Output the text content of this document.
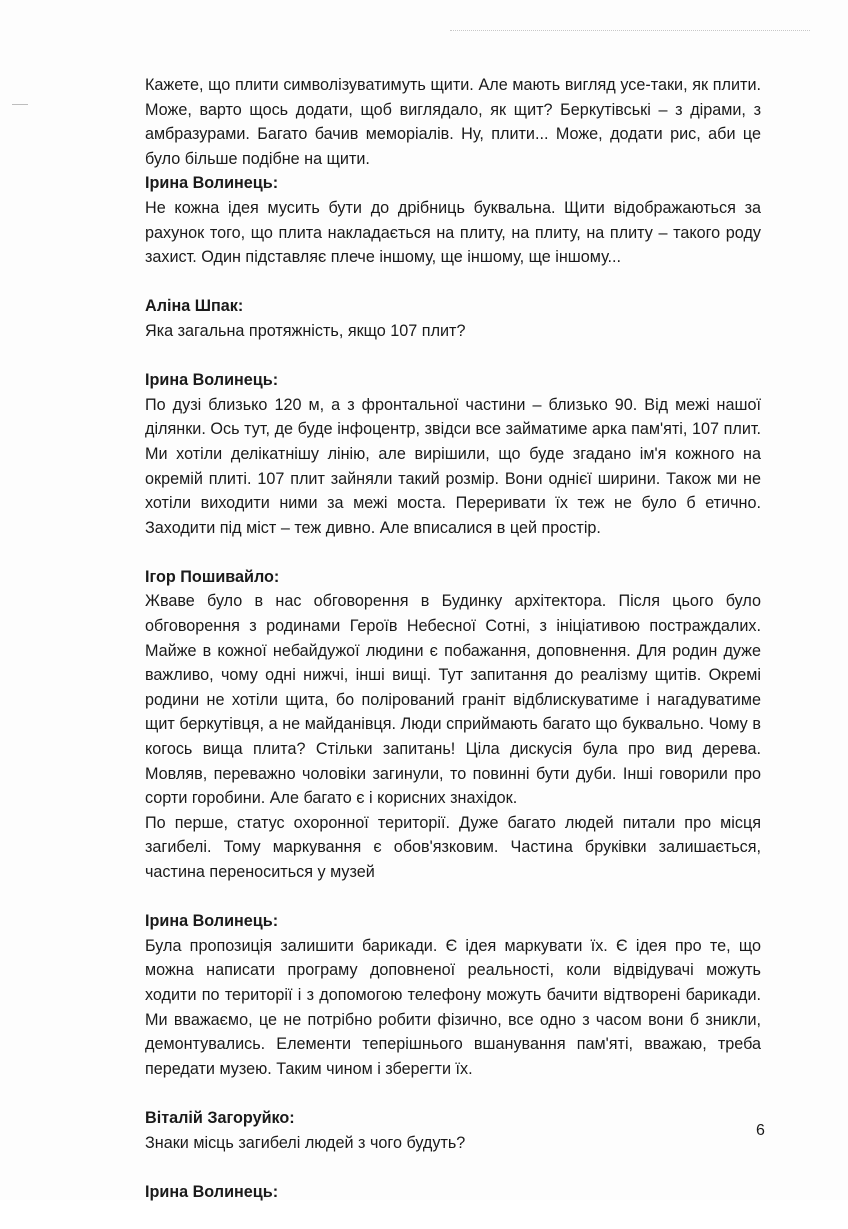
Кажете, що плити символізуватимуть щити. Але мають вигляд усе-таки, як плити. Може, варто щось додати, щоб виглядало, як щит? Беркутівські – з дірами, з амбразурами. Багато бачив меморіалів. Ну, плити... Може, додати рис, аби це було більше подібне на щити.

Ірина Волинець:

Не кожна ідея мусить бути до дрібниць буквальна. Щити відображаються за рахунок того, що плита накладається на плиту, на плиту, на плиту – такого роду захист. Один підставляє плече іншому, ще іншому, ще іншому...

Аліна Шпак:

Яка загальна протяжність, якщо 107 плит?

Ірина Волинець:

По дузі близько 120 м, а з фронтальної частини – близько 90. Від межі нашої ділянки. Ось тут, де буде інфоцентр, звідси все займатиме арка пам'яті, 107 плит. Ми хотіли делікатнішу лінію, але вирішили, що буде згадано ім'я кожного на окремій плиті. 107 плит зайняли такий розмір. Вони однієї ширини. Також ми не хотіли виходити ними за межі моста. Переривати їх теж не було б етично. Заходити під міст – теж дивно. Але вписалися в цей простір.

Ігор Пошивайло:

Жваве було в нас обговорення в Будинку архітектора. Після цього було обговорення з родинами Героїв Небесної Сотні, з ініціативою постраждалих. Майже в кожної небайдужої людини є побажання, доповнення. Для родин дуже важливо, чому одні нижчі, інші вищі. Тут запитання до реалізму щитів. Окремі родини не хотіли щита, бо полірований граніт відблискуватиме і нагадуватиме щит беркутівця, а не майданівця. Люди сприймають багато що буквально. Чому в когось вища плита? Стільки запитань! Ціла дискусія була про вид дерева. Мовляв, переважно чоловіки загинули, то повинні бути дуби. Інші говорили про сорти горобини. Але багато є і корисних знахідок.

По перше, статус охоронної території. Дуже багато людей питали про місця загибелі. Тому маркування є обов'язковим. Частина бруківки залишається, частина переноситься у музей

Ірина Волинець:

Була пропозиція залишити барикади. Є ідея маркувати їх. Є ідея про те, що можна написати програму доповненої реальності, коли відвідувачі можуть ходити по території і з допомогою телефону можуть бачити відтворені барикади. Ми вважаємо, це не потрібно робити фізично, все одно з часом вони б зникли, демонтувались. Елементи теперішнього вшанування пам'яті, вважаю, треба передати музею. Таким чином і зберегти їх.

Віталій Загоруйко:

Знаки місць загибелі людей з чого будуть?

Ірина Волинець:

6
